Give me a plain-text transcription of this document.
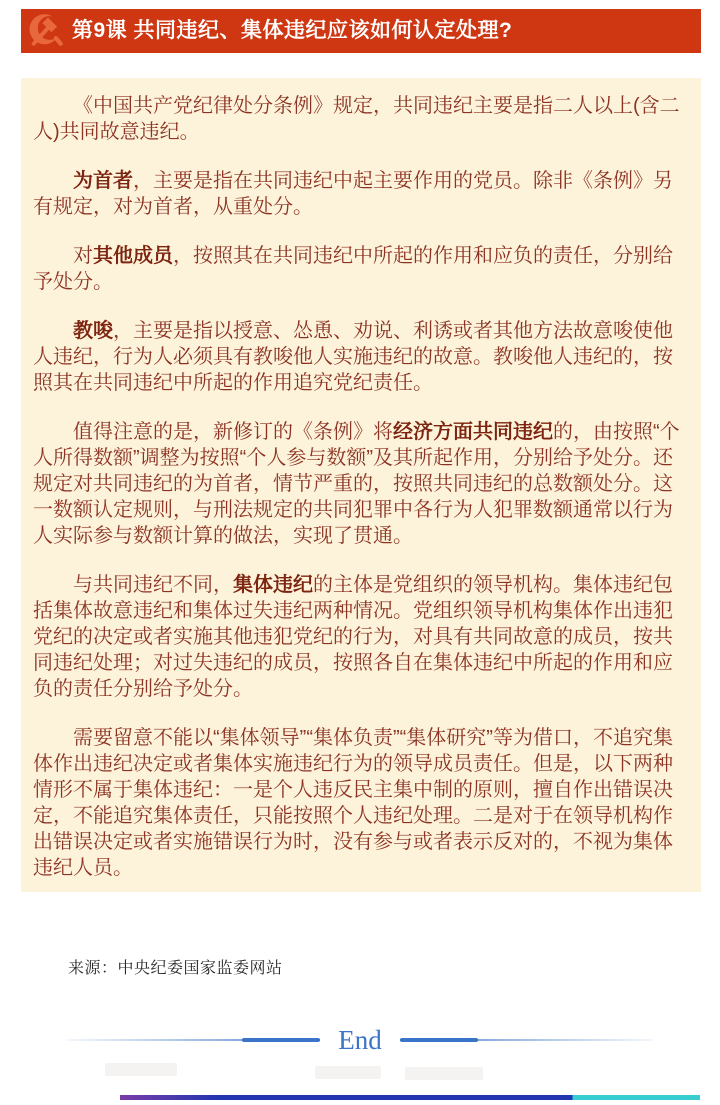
第9课 共同违纪、集体违纪应该如何认定处理?

《中国共产党纪律处分条例》规定，共同违纪主要是指二人以上(含二人)共同故意违纪。

为首者，主要是指在共同违纪中起主要作用的党员。除非《条例》另有规定，对为首者，从重处分。

对其他成员，按照其在共同违纪中所起的作用和应负的责任，分别给予处分。

教唆，主要是指以授意、怂恿、劝说、利诱或者其他方法故意唆使他人违纪，行为人必须具有教唆他人实施违纪的故意。教唆他人违纪的，按照其在共同违纪中所起的作用追究党纪责任。

值得注意的是，新修订的《条例》将经济方面共同违纪的，由按照“个人所得数额”调整为按照“个人参与数额”及其所起作用，分别给予处分。还规定对共同违纪的为首者，情节严重的，按照共同违纪的总数额处分。这一数额认定规则，与刑法规定的共同犯罪中各行为人犯罪数额通常以行为人实际参与数额计算的做法，实现了贯通。

与共同违纪不同，集体违纪的主体是党组织的领导机构。集体违纪包括集体故意违纪和集体过失违纪两种情况。党组织领导机构集体作出违犯党纪的决定或者实施其他违犯党纪的行为，对具有共同故意的成员，按共同违纪处理；对过失违纪的成员，按照各自在集体违纪中所起的作用和应负的责任分别给予处分。

需要留意不能以“集体领导”“集体负责”“集体研究”等为借口，不追究集体作出违纪决定或者集体实施违纪行为的领导成员责任。但是，以下两种情形不属于集体违纪：一是个人违反民主集中制的原则，擅自作出错误决定，不能追究集体责任，只能按照个人违纪处理。二是对于在领导机构作出错误决定或者实施错误行为时，没有参与或者表示反对的，不视为集体违纪人员。

来源：中央纪委国家监委网站
End
